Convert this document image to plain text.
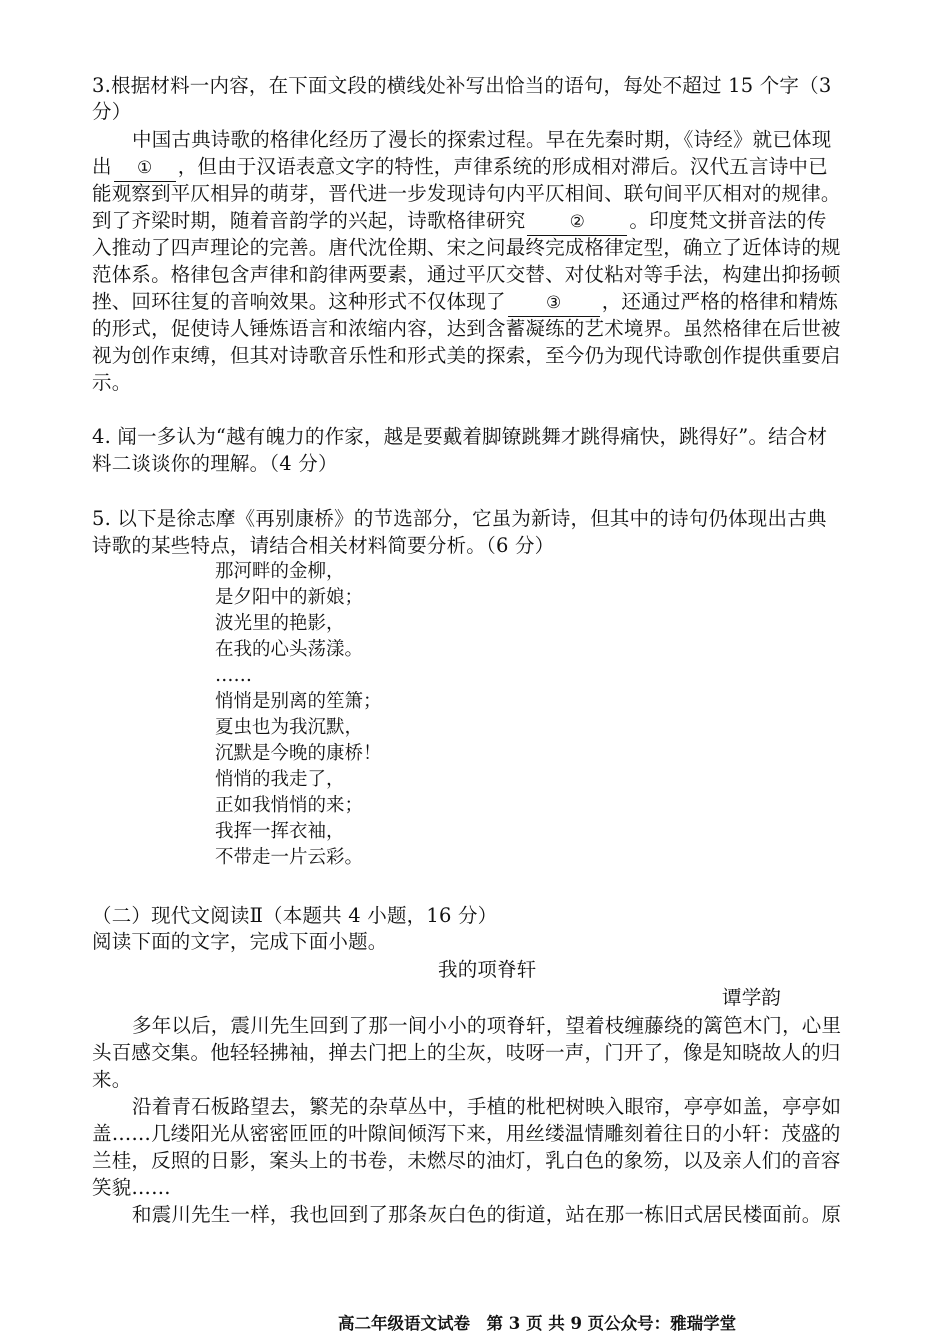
3.根据材料一内容，在下面文段的横线处补写出恰当的语句，每处不超过 15 个字（3
分）
中国古典诗歌的格律化经历了漫长的探索过程。早在先秦时期，《诗经》就已体现
出 ① ，但由于汉语表意文字的特性，声律系统的形成相对滞后。汉代五言诗中已
能观察到平仄相异的萌芽，晋代进一步发现诗句内平仄相间、联句间平仄相对的规律。
到了齐梁时期，随着音韵学的兴起，诗歌格律研究	② 。印度梵文拼音法的传
入推动了四声理论的完善。唐代沈佺期、宋之问最终完成格律定型，确立了近体诗的规
范体系。格律包含声律和韵律两要素，通过平仄交替、对仗粘对等手法，构建出抑扬顿
挫、回环往复的音响效果。这种形式不仅体现了 ③ ，还通过严格的格律和精炼
的形式，促使诗人锤炼语言和浓缩内容，达到含蓄凝练的艺术境界。虽然格律在后世被
视为创作束缚，但其对诗歌音乐性和形式美的探索，至今仍为现代诗歌创作提供重要启
示。
4. 闻一多认为“越有魄力的作家，越是要戴着脚镣跳舞才跳得痛快，跳得好”。结合材
料二谈谈你的理解。（4 分）
5. 以下是徐志摩《再别康桥》的节选部分，它虽为新诗，但其中的诗句仍体现出古典
诗歌的某些特点，请结合相关材料简要分析。（6 分）
那河畔的金柳，
是夕阳中的新娘；
波光里的艳影，
在我的心头荡漾。
……
悄悄是别离的笙箫；
夏虫也为我沉默，
沉默是今晚的康桥！
悄悄的我走了，
正如我悄悄的来；
我挥一挥衣袖，
不带走一片云彩。
（二）现代文阅读Ⅱ（本题共 4 小题，16 分）
阅读下面的文字，完成下面小题。
我的项脊轩
谭学韵
多年以后，震川先生回到了那一间小小的项脊轩，望着枝缠藤绕的篱笆木门，心里
头百感交集。他轻轻拂袖，掸去门把上的尘灰，吱呀一声，门开了，像是知晓故人的归
来。
沿着青石板路望去，繁芜的杂草丛中，手植的枇杷树映入眼帘，亭亭如盖，亭亭如
盖……几缕阳光从密密匝匝的叶隙间倾泻下来，用丝缕温情雕刻着往日的小轩：茂盛的
兰桂，反照的日影，案头上的书卷，未燃尽的油灯，乳白色的象笏，以及亲人们的音容
笑貌……
和震川先生一样，我也回到了那条灰白色的街道，站在那一栋旧式居民楼面前。原
高二年级语文试卷　第 3 页 共 9 页公众号：雅瑞学堂
